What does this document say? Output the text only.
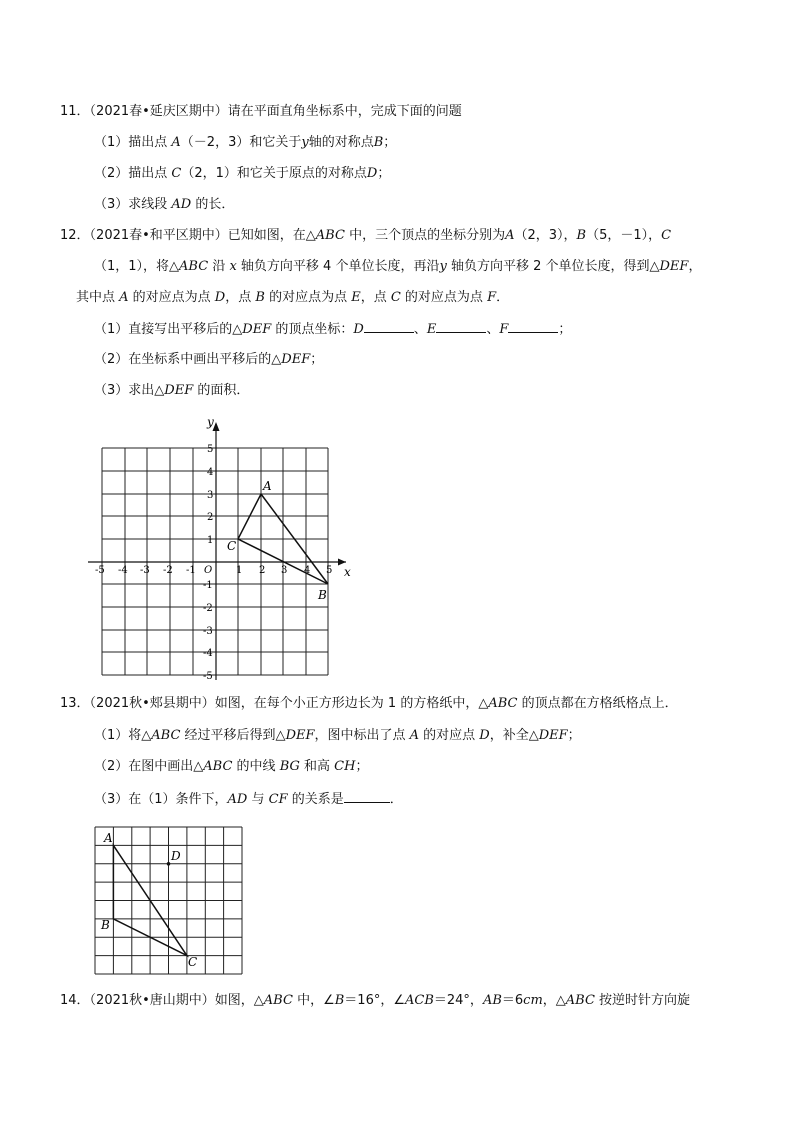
11．（2021春•延庆区期中）请在平面直角坐标系中，完成下面的问题
（1）描出点 A（－2，3）和它关于y轴的对称点B；
（2）描出点 C（2，1）和它关于原点的对称点D；
（3）求线段 AD 的长．
12．（2021春•和平区期中）已知如图，在△ABC 中，三个顶点的坐标分别为A（2，3），B（5，－1），C
（1，1），将△ABC 沿 x 轴负方向平移 4 个单位长度，再沿y 轴负方向平移 2 个单位长度，得到△DEF，
其中点 A 的对应点为点 D，点 B 的对应点为点 E，点 C 的对应点为点 F．
（1）直接写出平移后的△DEF 的顶点坐标：D	、E	、F	；
（2）在坐标系中画出平移后的△DEF；
（3）求出△DEF 的面积．
y
x
-5 -4 -3 -2 -1 O 1 2 3 4 5
5
4
3
2
1
-1
-2
-3
-4
-5
A
B
C
13．（2021秋•郏县期中）如图，在每个小正方形边长为 1 的方格纸中，△ABC 的顶点都在方格纸格点上．
（1）将△ABC 经过平移后得到△DEF，图中标出了点 A 的对应点 D，补全△DEF；
（2）在图中画出△ABC 的中线 BG 和高 CH；
（3）在（1）条件下，AD 与 CF 的关系是	．
A
B
C
D
14．（2021秋•唐山期中）如图，△ABC 中，∠B＝16°，∠ACB＝24°，AB＝6cm，△ABC 按逆时针方向旋
